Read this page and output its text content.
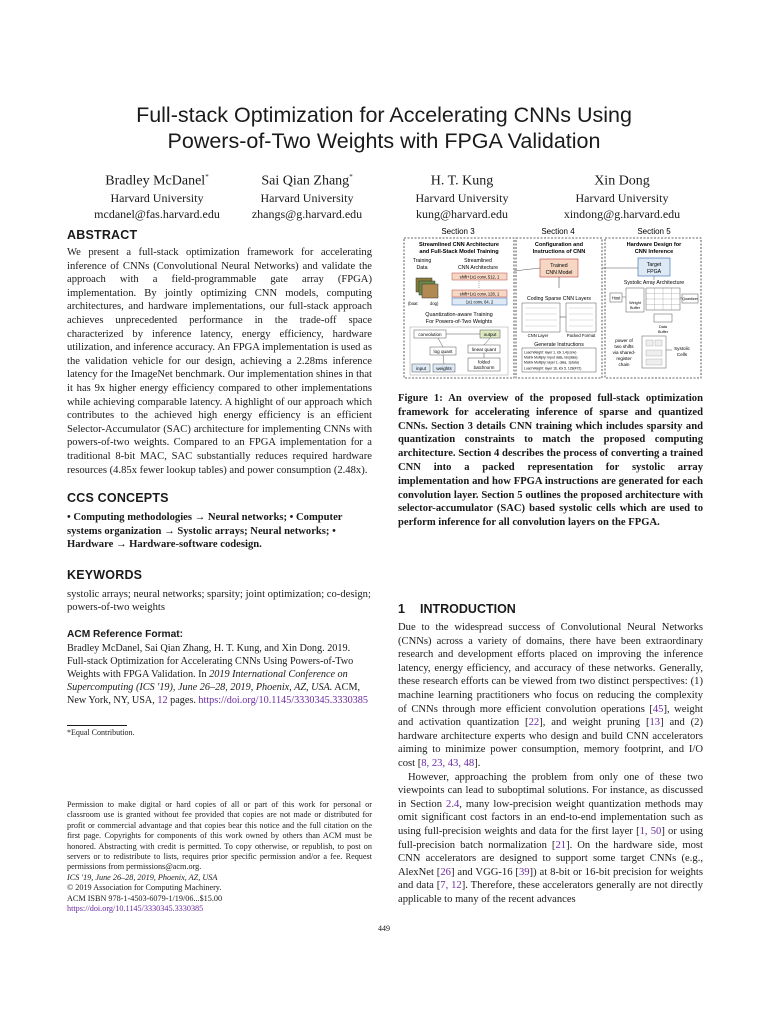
Full-stack Optimization for Accelerating CNNs Using
Powers-of-Two Weights with FPGA Validation
Bradley McDanel*
Harvard University
mcdanel@fas.harvard.edu
Sai Qian Zhang*
Harvard University
zhangs@g.harvard.edu
H. T. Kung
Harvard University
kung@harvard.edu
Xin Dong
Harvard University
xindong@g.harvard.edu
ABSTRACT

We present a full-stack optimization framework for accelerating inference of CNNs (Convolutional Neural Networks) and validate the approach with a field-programmable gate array (FPGA) implementation. By jointly optimizing CNN models, computing architectures, and hardware implementations, our full-stack approach achieves unprecedented performance in the trade-off space characterized by inference latency, energy efficiency, hardware utilization, and inference accuracy. An FPGA implementation is used as the validation vehicle for our design, achieving a 2.28ms inference latency for the ImageNet benchmark. Our implementation shines in that it has 9x higher energy efficiency compared to other implementations while achieving comparable latency. A highlight of our approach which contributes to the achieved high energy efficiency is an efficient Selector-Accumulator (SAC) architecture for implementing CNNs with powers-of-two weights. Compared to an FPGA implementation for a traditional 8-bit MAC, SAC substantially reduces required hardware resources (4.85x fewer lookup tables) and power consumption (2.48x).

CCS CONCEPTS

• Computing methodologies → Neural networks; • Computer systems organization → Systolic arrays; Neural networks; • Hardware → Hardware-software codesign.

KEYWORDS

systolic arrays; neural networks; sparsity; joint optimization; co-design; powers-of-two weights

ACM Reference Format:

Bradley McDanel, Sai Qian Zhang, H. T. Kung, and Xin Dong. 2019. Full-stack Optimization for Accelerating CNNs Using Powers-of-Two Weights with FPGA Validation. In 2019 International Conference on Supercomputing (ICS '19), June 26–28, 2019, Phoenix, AZ, USA. ACM, New York, NY, USA, 12 pages. https://doi.org/10.1145/3330345.3330385

*Equal Contribution.

Permission to make digital or hard copies of all or part of this work for personal or classroom use is granted without fee provided that copies are not made or distributed for profit or commercial advantage and that copies bear this notice and the full citation on the first page. Copyrights for components of this work owned by others than ACM must be honored. Abstracting with credit is permitted. To copy otherwise, or republish, to post on servers or to redistribute to lists, requires prior specific permission and/or a fee. Request permissions from permissions@acm.org.

ICS '19, June 26–28, 2019, Phoenix, AZ, USA

© 2019 Association for Computing Machinery.

ACM ISBN 978-1-4503-6079-1/19/06...$15.00

https://doi.org/10.1145/3330345.3330385

Section 3	Section 4	Section 5
Streamlined CNN Architecture
and Full-Stack Model Training
Training
Data
Streamlined
CNN Architecture
(boat	dog)
shift+1x1 conv, 512, 1
shift+1x1 conv, 128, 1
1x1 conv, 64, 2
Quantization-aware Training
For Powers-of-Two Weights
convolution	output
log quant	linear quant
folded
batchnorm
input weights
Configuration and
Instructions of CNN
Trained
CNN Model
Coding Sparse CNN Layers
CNN Layer	Packed Format
Generate Instructions
Load Weight: layer 1, idx 1,4(conv)
Matrix Multiply: input data, idx(data)
Matrix Multiply: layer 1, data, 1(data)
Load Weight: layer 16, idx 5, 128(472)
Hardware Design for
CNN Inference
Target
FPGA
Systolic Array Architecture
Host
Weight
Buffer
Quantizer
Data
Buffer
power of
two shifts
via shared-
register
chain
Systolic
Cells

Figure 1: An overview of the proposed full-stack optimization framework for accelerating inference of sparse and quantized CNNs. Section 3 details CNN training which includes sparsity and quantization constraints to match the proposed computing architecture. Section 4 describes the process of converting a trained CNN into a packed representation for systolic array implementation and how FPGA instructions are generated for each convolution layer. Section 5 outlines the proposed architecture with selector-accumulator (SAC) based systolic cells which are used to perform inference for all convolution layers on the FPGA.

1 INTRODUCTION

Due to the widespread success of Convolutional Neural Networks (CNNs) across a variety of domains, there have been extraordinary research and development efforts placed on improving the inference latency, energy efficiency, and accuracy of these networks. Generally, these research efforts can be viewed from two distinct perspectives: (1) machine learning practitioners who focus on reducing the complexity of CNNs through more efficient convolution operations [45], weight and activation quantization [22], and weight pruning [13] and (2) hardware architecture experts who design and build CNN accelerators aiming to minimize power consumption, memory footprint, and I/O cost [8, 23, 43, 48].

However, approaching the problem from only one of these two viewpoints can lead to suboptimal solutions. For instance, as discussed in Section 2.4, many low-precision weight quantization methods may omit significant cost factors in an end-to-end implementation such as using full-precision weights and data for the first layer [1, 50] or using full-precision batch normalization [21]. On the hardware side, most CNN accelerators are designed to support some target CNNs (e.g., AlexNet [26] and VGG-16 [39]) at 8-bit or 16-bit precision for weights and data [7, 12]. Therefore, these accelerators generally are not directly applicable to many of the recent advances

449
